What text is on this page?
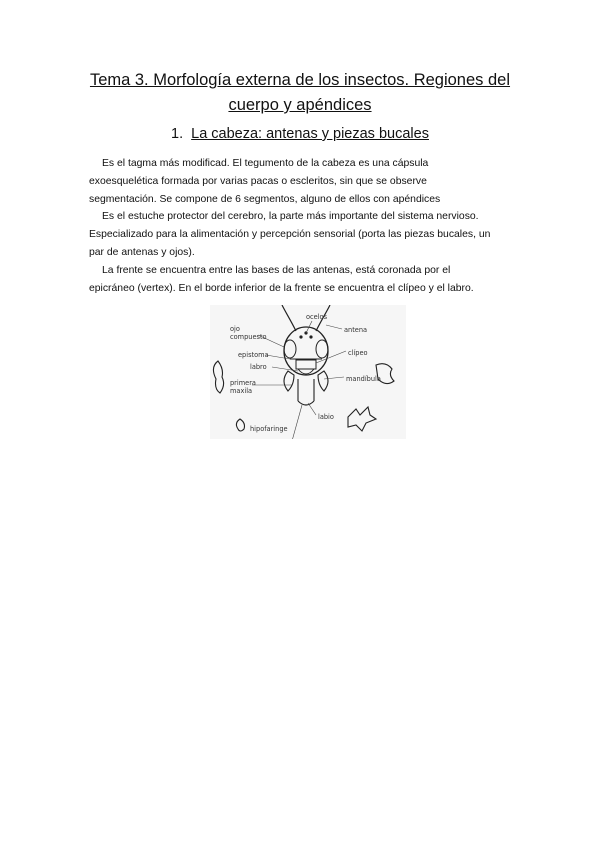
Tema 3. Morfología externa de los insectos. Regiones del
cuerpo y apéndices
1. La cabeza: antenas y piezas bucales

Es el tagma más modificad. El tegumento de la cabeza es una cápsula
exoesquelética formada por varias pacas o escleritos, sin que se observe
segmentación. Se compone de 6 segmentos, alguno de ellos con apéndices

Es el estuche protector del cerebro, la parte más importante del sistema nervioso.
Especializado para la alimentación y percepción sensorial (porta las piezas bucales, un
par de antenas y ojos).

La frente se encuentra entre las bases de las antenas, está coronada por el
epicráneo (vertex). En el borde inferior de la frente se encuentra el clípeo y el labro.

ocelos
antena
ojo
compuesto
clípeo
epistoma
labro
mandíbula
primera
maxila
labio
hipofaringe
